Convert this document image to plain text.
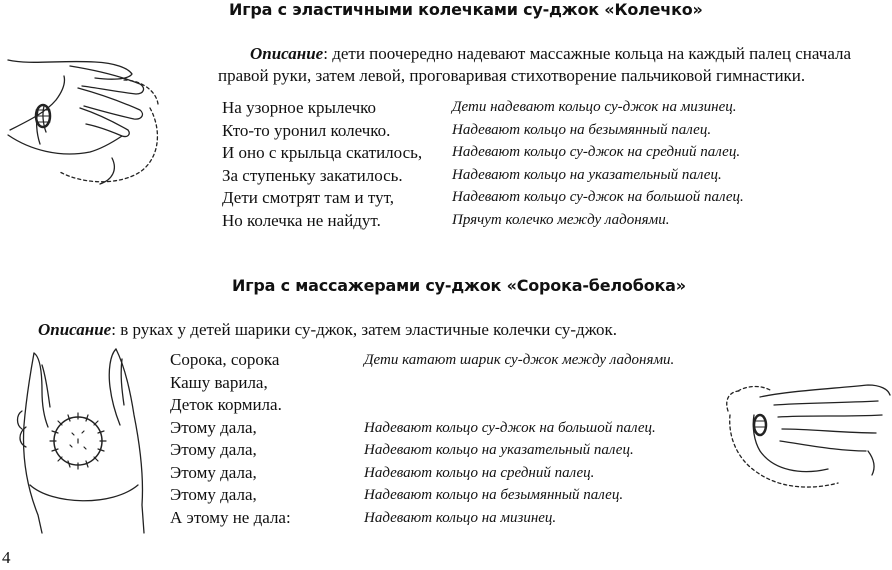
Игра с эластичными колечками су-джок «Колечко»

Описание: дети поочередно надевают массажные кольца на каждый палец сначала правой руки, затем левой, проговаривая стихотворение пальчиковой гимнастики.

На узорное крылечко
Кто-то уронил колечко.
И оно с крыльца скатилось,
За ступеньку закатилось.
Дети смотрят там и тут,
Но колечка не найдут.
Дети надевают кольцо су-джок на мизинец.
Надевают кольцо на безымянный палец.
Надевают кольцо су-джок на средний палец.
Надевают кольцо на указательный палец.
Надевают кольцо су-джок на большой палец.
Прячут колечко между ладонями.
Игра с массажерами су-джок «Сорока-белобока»

Описание: в руках у детей шарики су-джок, затем эластичные колечки су-джок.

Сорока, сорока
Кашу варила,
Деток кормила.
Этому дала,
Этому дала,
Этому дала,
Этому дала,
А этому не дала:
Дети катают шарик су-джок между ладонями.
Надевают кольцо су-джок на большой палец.
Надевают кольцо на указательный палец.
Надевают кольцо на средний палец.
Надевают кольцо на безымянный палец.
Надевают кольцо на мизинец.
4
